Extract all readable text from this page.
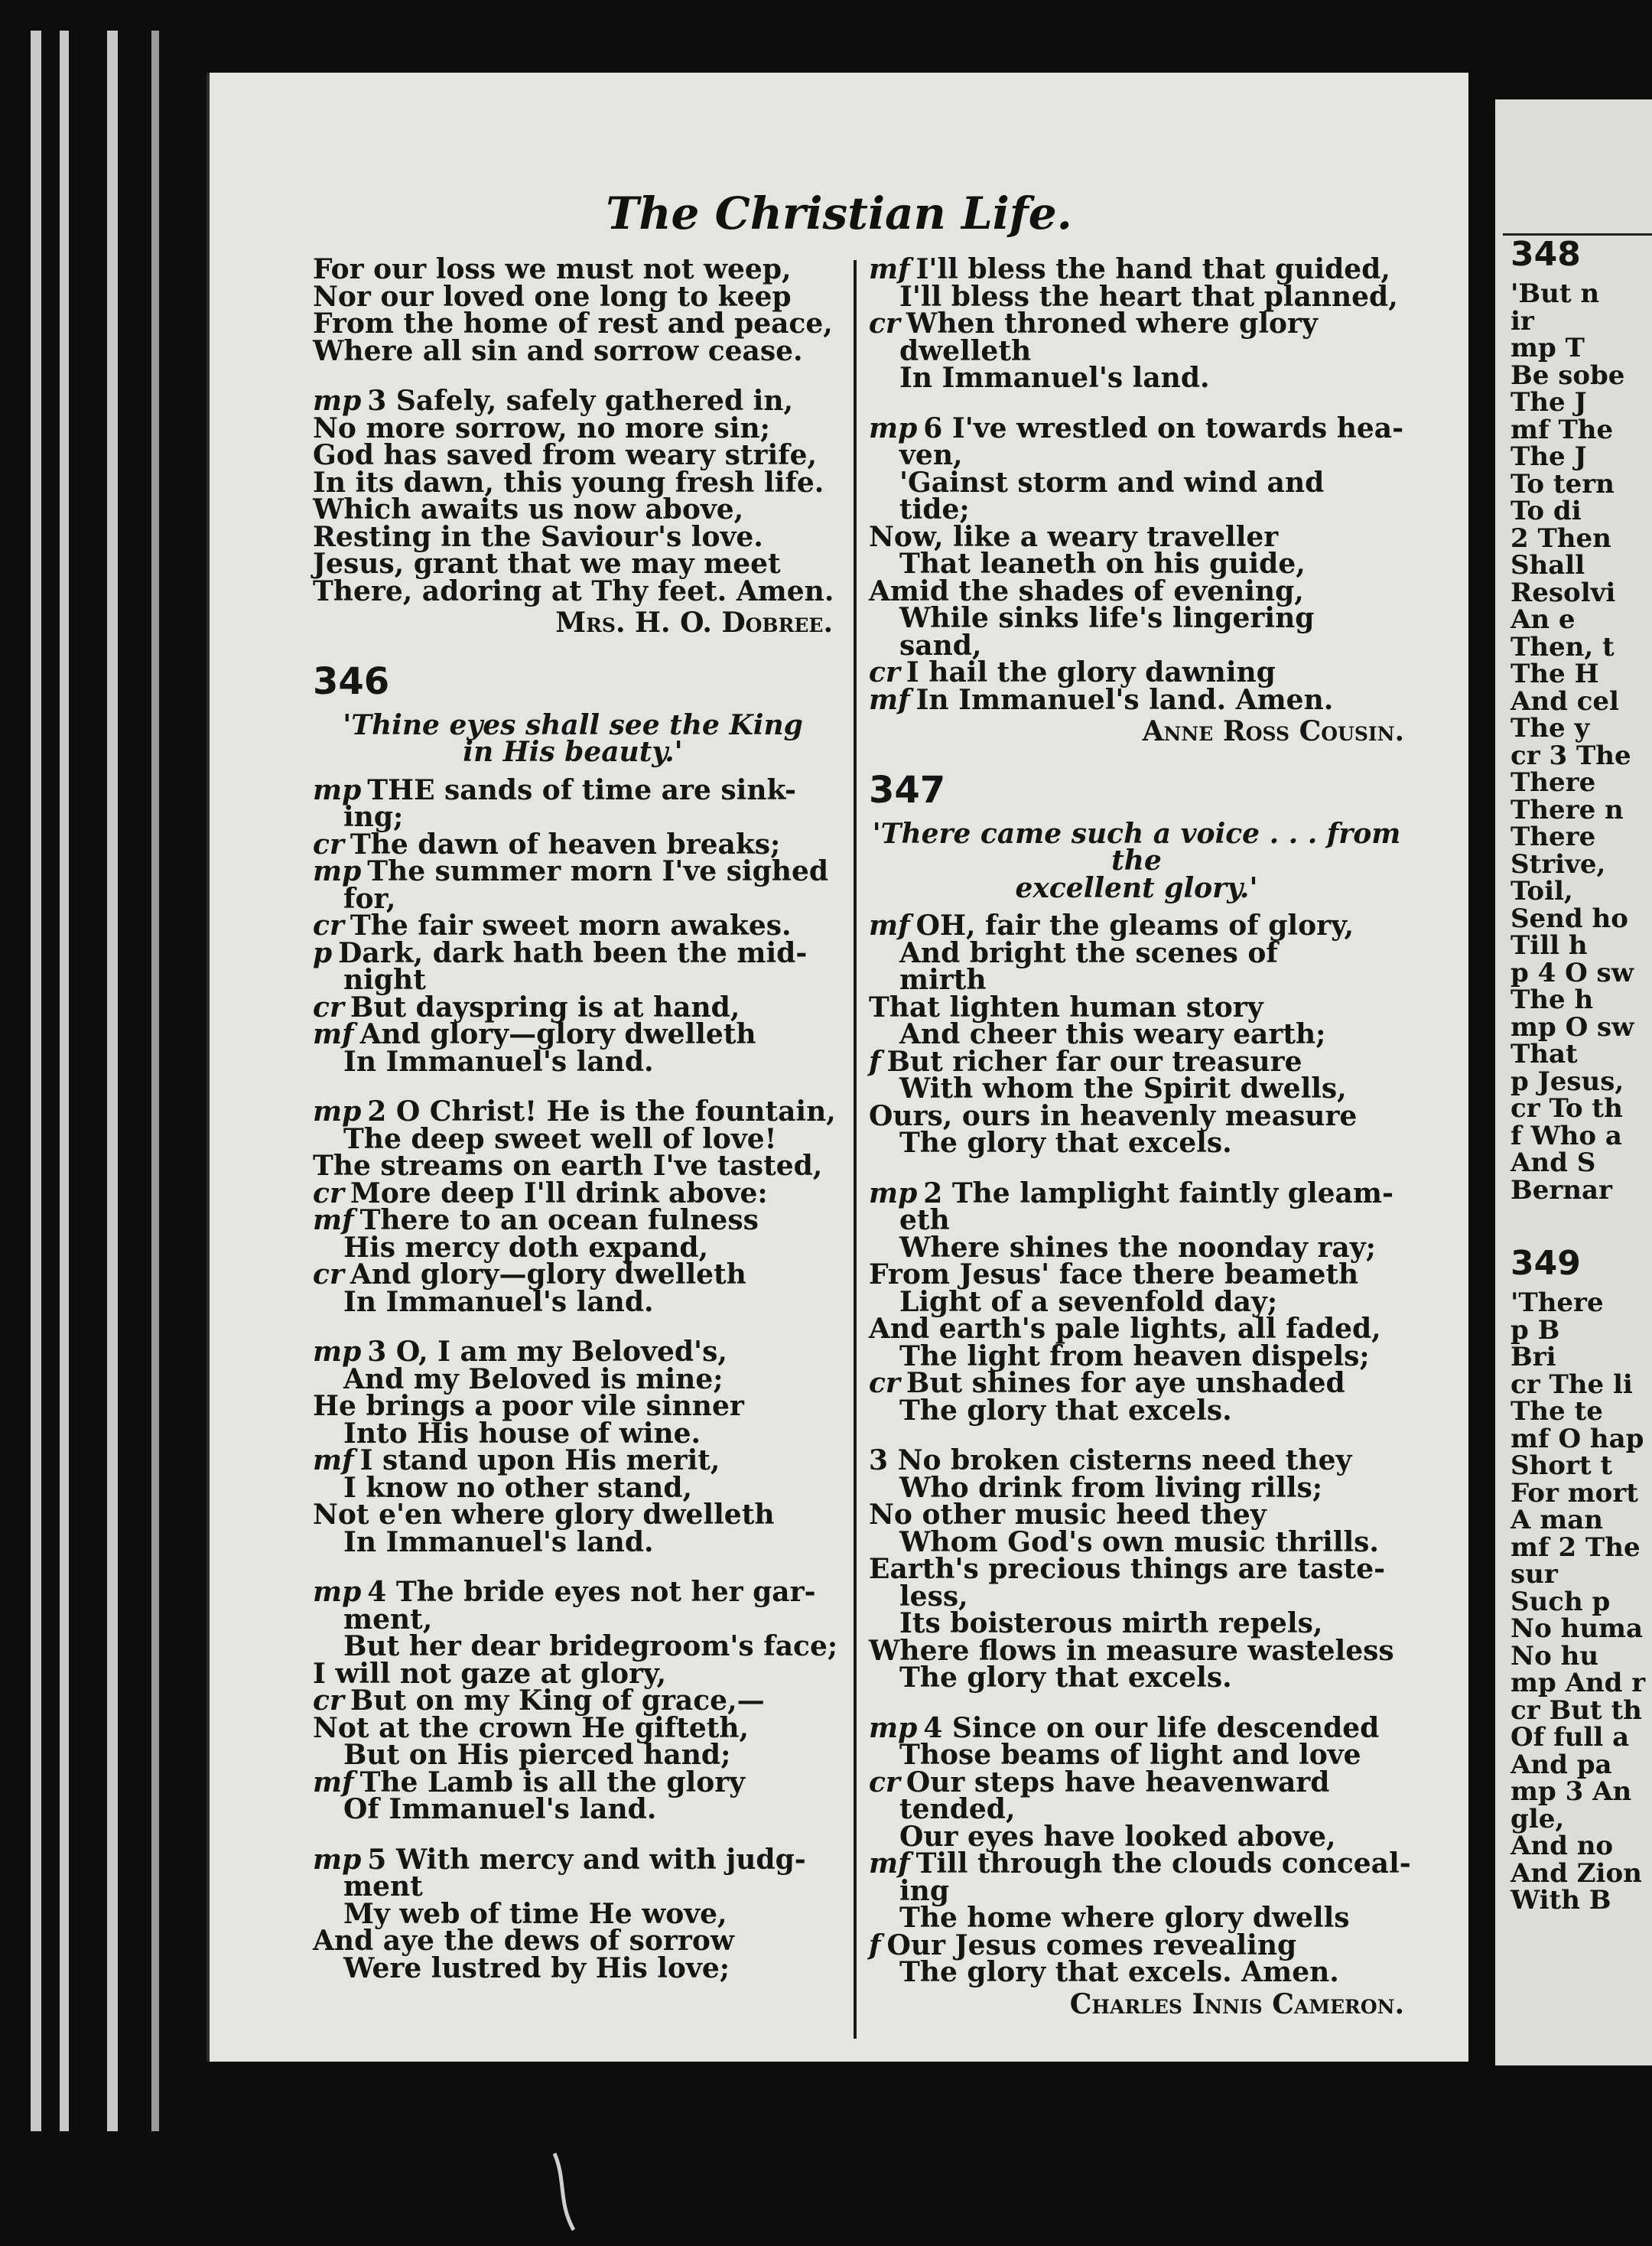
The Christian Life.
For our loss we must not weep,
Nor our loved one long to keep
From the home of rest and peace,
Where all sin and sorrow cease.
mp 3 Safely, safely gathered in,
No more sorrow, no more sin;
God has saved from weary strife,
In its dawn, this young fresh life.
Which awaits us now above,
Resting in the Saviour's love.
Jesus, grant that we may meet
There, adoring at Thy feet. Amen.
Mrs. H. O. Dobree.
346
'Thine eyes shall see the King
in His beauty.'
mp THE sands of time are sink-
ing;
cr The dawn of heaven breaks;
mp The summer morn I've sighed
for,
cr The fair sweet morn awakes.
p Dark, dark hath been the mid-
night
cr But dayspring is at hand,
mf And glory—glory dwelleth
In Immanuel's land.
mp 2 O Christ! He is the fountain,
The deep sweet well of love!
The streams on earth I've tasted,
cr More deep I'll drink above:
mf There to an ocean fulness
His mercy doth expand,
cr And glory—glory dwelleth
In Immanuel's land.
mp 3 O, I am my Beloved's,
And my Beloved is mine;
He brings a poor vile sinner
Into His house of wine.
mf I stand upon His merit,
I know no other stand,
Not e'en where glory dwelleth
In Immanuel's land.
mp 4 The bride eyes not her gar-
ment,
But her dear bridegroom's face;
I will not gaze at glory,
cr But on my King of grace,—
Not at the crown He gifteth,
But on His pierced hand;
mf The Lamb is all the glory
Of Immanuel's land.
mp 5 With mercy and with judg-
ment
My web of time He wove,
And aye the dews of sorrow
Were lustred by His love;
mf I'll bless the hand that guided,
I'll bless the heart that planned,
cr When throned where glory
dwelleth
In Immanuel's land.
mp 6 I've wrestled on towards hea-
ven,
'Gainst storm and wind and
tide;
Now, like a weary traveller
That leaneth on his guide,
Amid the shades of evening,
While sinks life's lingering
sand,
cr I hail the glory dawning
mf In Immanuel's land. Amen.
Anne Ross Cousin.
347
'There came such a voice . . . from the
excellent glory.'
mf OH, fair the gleams of glory,
And bright the scenes of
mirth
That lighten human story
And cheer this weary earth;
f But richer far our treasure
With whom the Spirit dwells,
Ours, ours in heavenly measure
The glory that excels.
mp 2 The lamplight faintly gleam-
eth
Where shines the noonday ray;
From Jesus' face there beameth
Light of a sevenfold day;
And earth's pale lights, all faded,
The light from heaven dispels;
cr But shines for aye unshaded
The glory that excels.
3 No broken cisterns need they
Who drink from living rills;
No other music heed they
Whom God's own music thrills.
Earth's precious things are taste-
less,
Its boisterous mirth repels,
Where flows in measure wasteless
The glory that excels.
mp 4 Since on our life descended
Those beams of light and love
cr Our steps have heavenward
tended,
Our eyes have looked above,
mf Till through the clouds conceal-
ing
The home where glory dwells
f Our Jesus comes revealing
The glory that excels. Amen.
Charles Innis Cameron.
348
'But n
ir
mp T
Be sobe
The J
mf The
The J
To tern
To di
2 Then
Shall
Resolvi
An e
Then, t
The H
And cel
The y
cr 3 The
There
There n
There
Strive,
Toil,
Send ho
Till h
p 4 O sw
The h
mp O sw
That
p Jesus,
cr To th
f Who a
And S
Bernar
349
'There
p B
Bri
cr The li
The te
mf O hap
Short t
For mort
A man
mf 2 The
sur
Such p
No huma
No hu
mp And r
cr But th
Of full a
And pa
mp 3 An
gle,
And no
And Zion
With B
